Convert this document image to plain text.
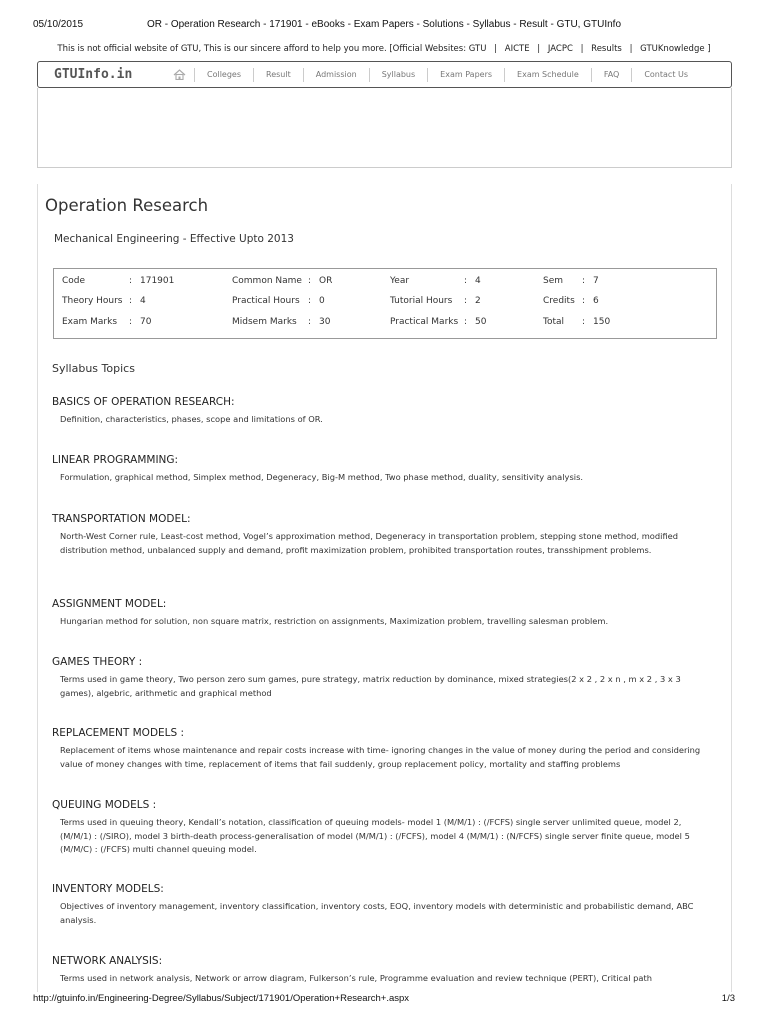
05/10/2015	OR - Operation Research - 171901 - eBooks - Exam Papers - Solutions - Syllabus - Result - GTU, GTUInfo
This is not official website of GTU, This is our sincere afford to help you more. [Official Websites: GTU | AICTE | JACPC | Results | GTUKnowledge ]
GTUInfo.in	Colleges	Result	Admission	Syllabus	Exam Papers	Exam Schedule	FAQ	Contact Us
Operation Research
Mechanical Engineering - Effective Upto 2013
Code	: 171901	Common Name : OR	Year	: 4	Sem : 7
Theory Hours : 4	Practical Hours : 0	Tutorial Hours : 2	Credits : 6
Exam Marks : 70	Midsem Marks : 30	Practical Marks : 50	Total : 150
Syllabus Topics
BASICS OF OPERATION RESEARCH:

Definition, characteristics, phases, scope and limitations of OR.

LINEAR PROGRAMMING:

Formulation, graphical method, Simplex method, Degeneracy, Big-M method, Two phase method, duality, sensitivity analysis.

TRANSPORTATION MODEL:

North-West Corner rule, Least-cost method, Vogel’s approximation method, Degeneracy in transportation problem, stepping stone method, modified distribution method, unbalanced supply and demand, profit maximization problem, prohibited transportation routes, transshipment problems.

ASSIGNMENT MODEL:

Hungarian method for solution, non square matrix, restriction on assignments, Maximization problem, travelling salesman problem.

GAMES THEORY :

Terms used in game theory, Two person zero sum games, pure strategy, matrix reduction by dominance, mixed strategies(2 x 2 , 2 x n , m x 2 , 3 x 3 games), algebric, arithmetic and graphical method

REPLACEMENT MODELS :

Replacement of items whose maintenance and repair costs increase with time- ignoring changes in the value of money during the period and considering value of money changes with time, replacement of items that fail suddenly, group replacement policy, mortality and staffing problems

QUEUING MODELS :

Terms used in queuing theory, Kendall’s notation, classification of queuing models- model 1 (M/M/1) : (/FCFS) single server unlimited queue, model 2, (M/M/1) : (/SIRO), model 3 birth-death process-generalisation of model (M/M/1) : (/FCFS), model 4 (M/M/1) : (N/FCFS) single server finite queue, model 5 (M/M/C) : (/FCFS) multi channel queuing model.

INVENTORY MODELS:

Objectives of inventory management, inventory classification, inventory costs, EOQ, inventory models with deterministic and probabilistic demand, ABC analysis.

NETWORK ANALYSIS:

Terms used in network analysis, Network or arrow diagram, Fulkerson’s rule, Programme evaluation and review technique (PERT), Critical path

http://gtuinfo.in/Engineering-Degree/Syllabus/Subject/171901/Operation+Research+.aspx	1/3
